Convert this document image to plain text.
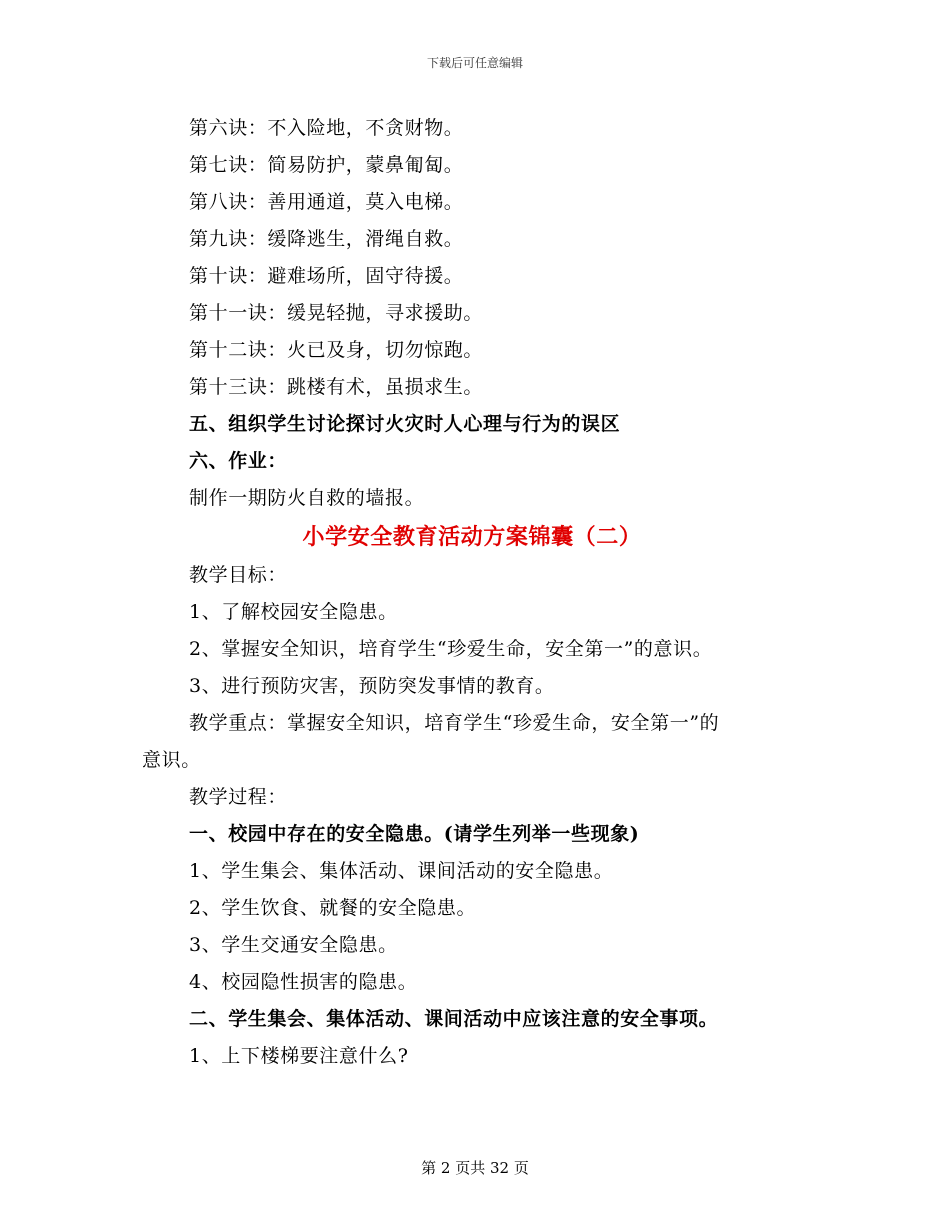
下载后可任意编辑
第六诀：不入险地，不贪财物。
第七诀：简易防护，蒙鼻匍匐。
第八诀：善用通道，莫入电梯。
第九诀：缓降逃生，滑绳自救。
第十诀：避难场所，固守待援。
第十一诀：缓晃轻抛，寻求援助。
第十二诀：火已及身，切勿惊跑。
第十三诀：跳楼有术，虽损求生。
五、组织学生讨论探讨火灾时人心理与行为的误区
六、作业：
制作一期防火自救的墙报。
小学安全教育活动方案锦囊（二）
教学目标：
1、了解校园安全隐患。
2、掌握安全知识，培育学生“珍爱生命，安全第一”的意识。
3、进行预防灾害，预防突发事情的教育。
教学重点：掌握安全知识，培育学生“珍爱生命，安全第一”的
意识。
教学过程：
一、校园中存在的安全隐患。(请学生列举一些现象)
1、学生集会、集体活动、课间活动的安全隐患。
2、学生饮食、就餐的安全隐患。
3、学生交通安全隐患。
4、校园隐性损害的隐患。
二、学生集会、集体活动、课间活动中应该注意的安全事项。
1、上下楼梯要注意什么?
第 2 页共 32 页
